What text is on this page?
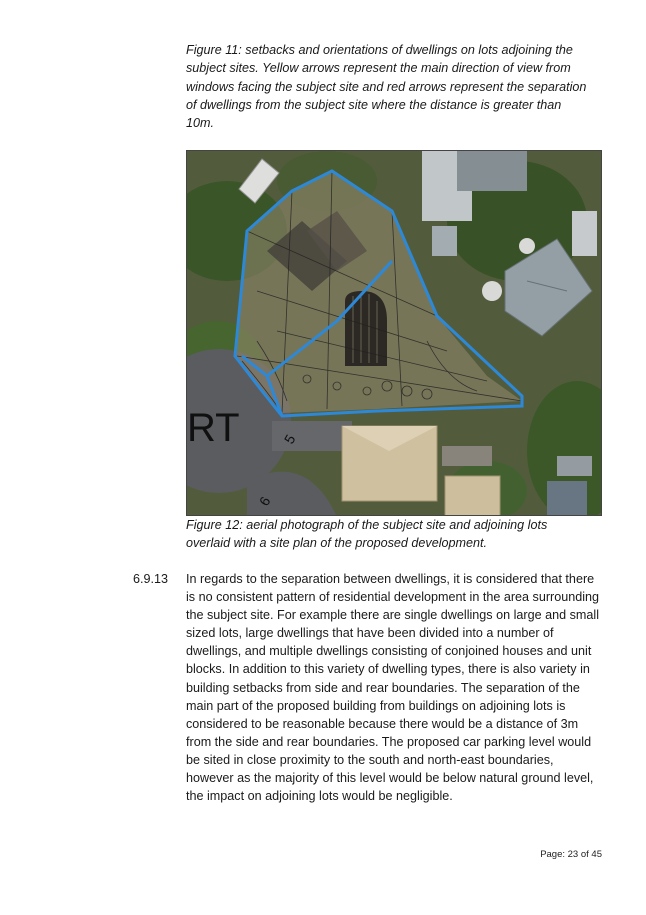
Figure 11: setbacks and orientations of dwellings on lots adjoining the
subject sites. Yellow arrows represent the main direction of view from
windows facing the subject site and red arrows represent the separation
of dwellings from the subject site where the distance is greater than
10m.

RT	5
6

Figure 12: aerial photograph of the subject site and adjoining lots
overlaid with a site plan of the proposed development.

6.9.13 In regards to the separation between dwellings, it is considered that there
is no consistent pattern of residential development in the area surrounding
the subject site. For example there are single dwellings on large and small
sized lots, large dwellings that have been divided into a number of
dwellings, and multiple dwellings consisting of conjoined houses and unit
blocks. In addition to this variety of dwelling types, there is also variety in
building setbacks from side and rear boundaries. The separation of the
main part of the proposed building from buildings on adjoining lots is
considered to be reasonable because there would be a distance of 3m
from the side and rear boundaries. The proposed car parking level would
be sited in close proximity to the south and north-east boundaries,
however as the majority of this level would be below natural ground level,
the impact on adjoining lots would be negligible.

Page: 23 of 45
